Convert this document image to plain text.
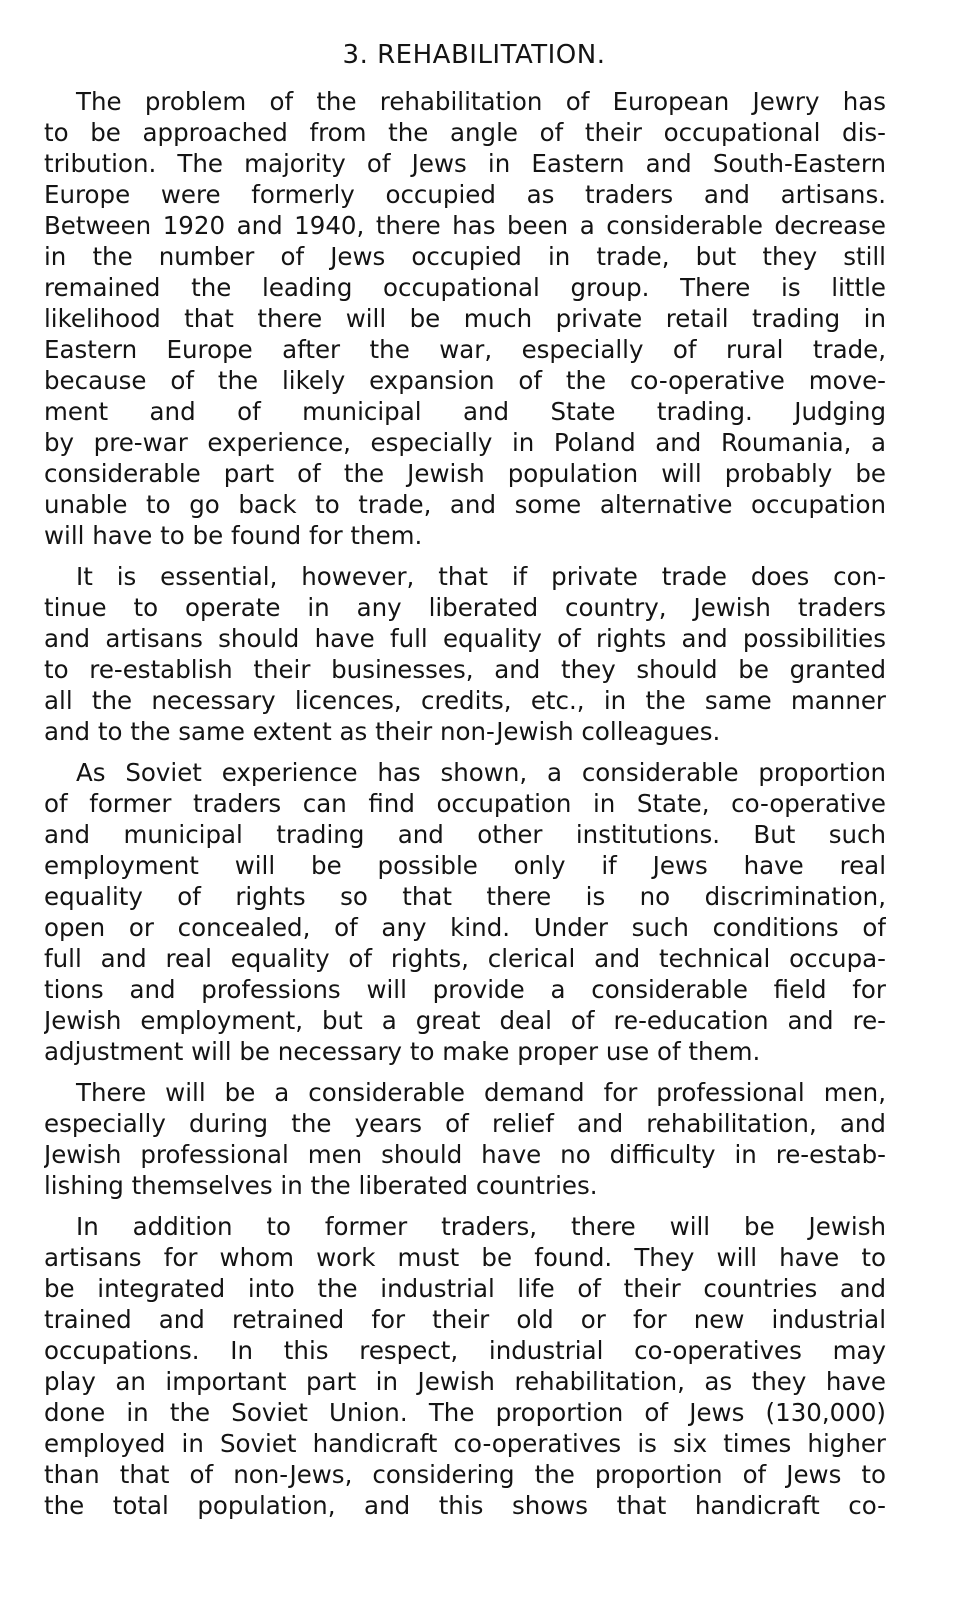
3. REHABILITATION.

The problem of the rehabilitation of European Jewry has
to be approached from the angle of their occupational dis-
tribution. The majority of Jews in Eastern and South-Eastern
Europe were formerly occupied as traders and artisans.
Between 1920 and 1940, there has been a considerable decrease
in the number of Jews occupied in trade, but they still
remained the leading occupational group. There is little
likelihood that there will be much private retail trading in
Eastern Europe after the war, especially of rural trade,
because of the likely expansion of the co-operative move-
ment and of municipal and State trading. Judging
by pre-war experience, especially in Poland and Roumania, a
considerable part of the Jewish population will probably be
unable to go back to trade, and some alternative occupation
will have to be found for them.

It is essential, however, that if private trade does con-
tinue to operate in any liberated country, Jewish traders
and artisans should have full equality of rights and possibilities
to re-establish their businesses, and they should be granted
all the necessary licences, credits, etc., in the same manner
and to the same extent as their non-Jewish colleagues.

As Soviet experience has shown, a considerable proportion
of former traders can find occupation in State, co-operative
and municipal trading and other institutions. But such
employment will be possible only if Jews have real
equality of rights so that there is no discrimination,
open or concealed, of any kind. Under such conditions of
full and real equality of rights, clerical and technical occupa-
tions and professions will provide a considerable field for
Jewish employment, but a great deal of re-education and re-
adjustment will be necessary to make proper use of them.

There will be a considerable demand for professional men,
especially during the years of relief and rehabilitation, and
Jewish professional men should have no difficulty in re-estab-
lishing themselves in the liberated countries.

In addition to former traders, there will be Jewish
artisans for whom work must be found. They will have to
be integrated into the industrial life of their countries and
trained and retrained for their old or for new industrial
occupations. In this respect, industrial co-operatives may
play an important part in Jewish rehabilitation, as they have
done in the Soviet Union. The proportion of Jews (130,000)
employed in Soviet handicraft co-operatives is six times higher
than that of non-Jews, considering the proportion of Jews to
the total population, and this shows that handicraft co-
